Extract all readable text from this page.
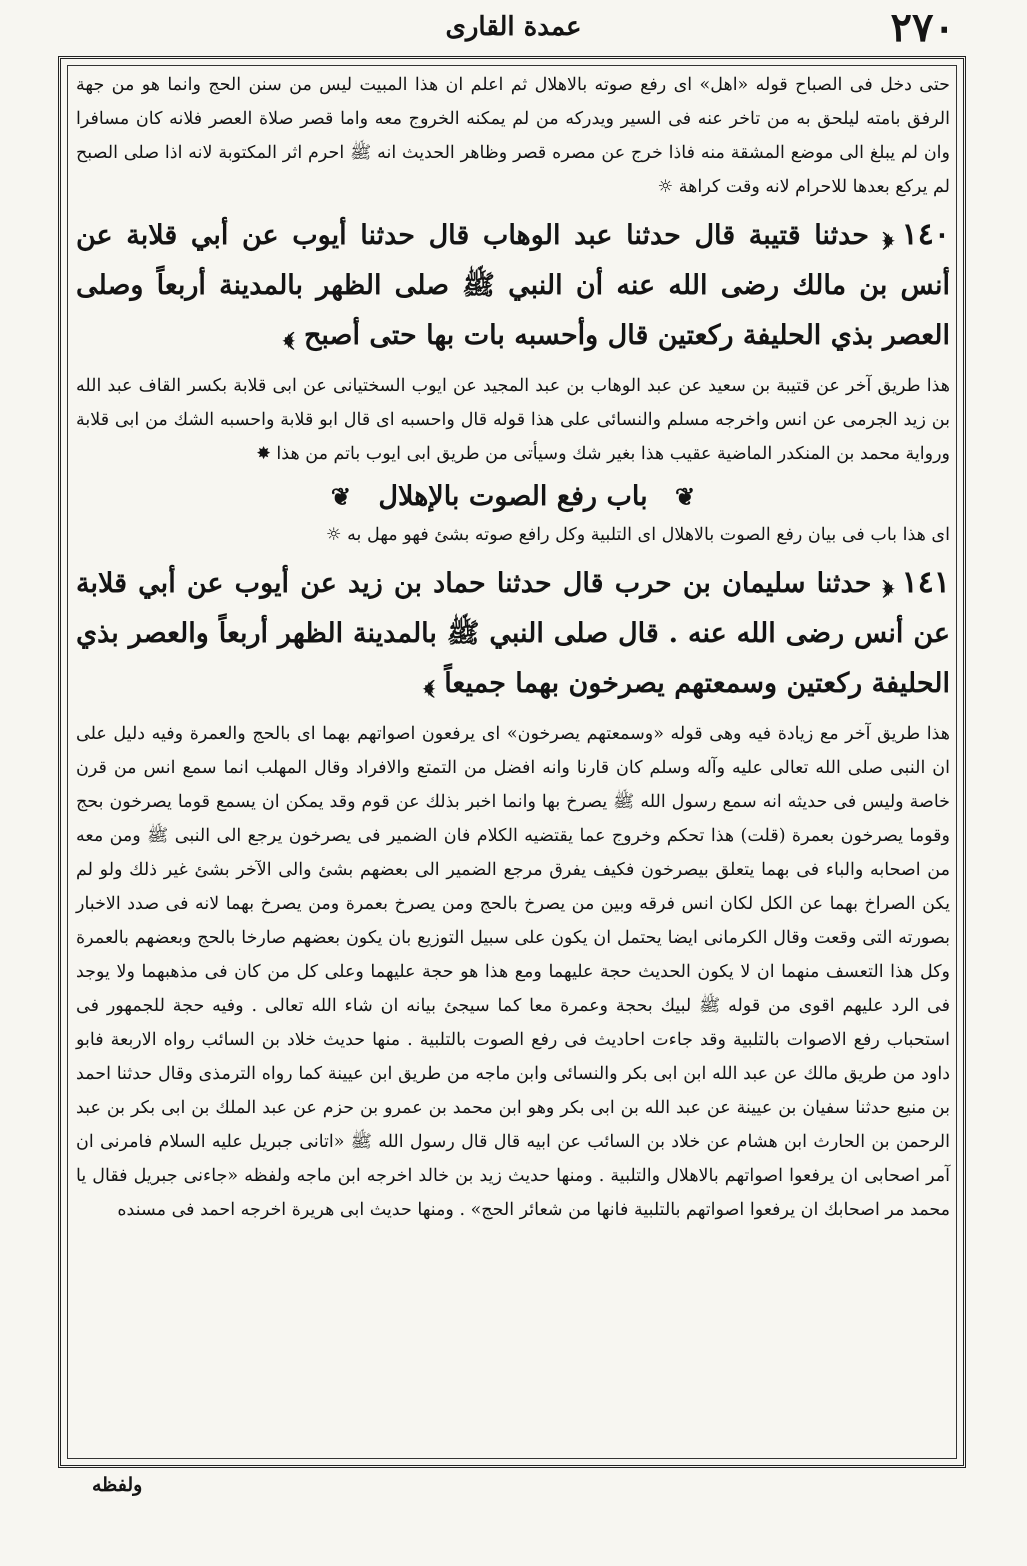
٢٧٠
عمدة القارى

حتى دخل فى الصباح قوله «اهل» اى رفع صوته بالاهلال ثم اعلم ان هذا المبيت ليس من سنن الحج وانما هو من جهة الرفق بامته ليلحق به من تاخر عنه فى السير ويدركه من لم يمكنه الخروج معه واما قصر صلاة العصر فلانه كان مسافرا وان لم يبلغ الى موضع المشقة منه فاذا خرج عن مصره قصر وظاهر الحديث انه ﷺ احرم اثر المكتوبة لانه اذا صلى الصبح لم يركع بعدها للاحرام لانه وقت كراهة ☼

١٤٠﴿ حدثنا قتيبة قال حدثنا عبد الوهاب قال حدثنا أيوب عن أبي قلابة عن أنس بن مالك رضى الله عنه أن النبي ﷺ صلى الظهر بالمدينة أربعاً وصلى العصر بذي الحليفة ركعتين قال وأحسبه بات بها حتى أصبح ﴾

هذا طريق آخر عن قتيبة بن سعيد عن عبد الوهاب بن عبد المجيد عن ايوب السختيانى عن ابى قلابة بكسر القاف عبد الله بن زيد الجرمى عن انس واخرجه مسلم والنسائى على هذا قوله قال واحسبه اى قال ابو قلابة واحسبه الشك من ابى قلابة ورواية محمد بن المنكدر الماضية عقيب هذا بغير شك وسيأتى من طريق ابى ايوب باتم من هذا ✸

❦ باب رفع الصوت بالإهلال ❦

اى هذا باب فى بيان رفع الصوت بالاهلال اى التلبية وكل رافع صوته بشئ فهو مهل به ☼

١٤١﴿ حدثنا سليمان بن حرب قال حدثنا حماد بن زيد عن أيوب عن أبي قلابة عن أنس رضى الله عنه . قال صلى النبي ﷺ بالمدينة الظهر أربعاً والعصر بذي الحليفة ركعتين وسمعتهم يصرخون بهما جميعاً ﴾

هذا طريق آخر مع زيادة فيه وهى قوله «وسمعتهم يصرخون» اى يرفعون اصواتهم بهما اى بالحج والعمرة وفيه دليل على ان النبى صلى الله تعالى عليه وآله وسلم كان قارنا وانه افضل من التمتع والافراد وقال المهلب انما سمع انس من قرن خاصة وليس فى حديثه انه سمع رسول الله ﷺ يصرخ بها وانما اخبر بذلك عن قوم وقد يمكن ان يسمع قوما يصرخون بحج وقوما يصرخون بعمرة (قلت) هذا تحكم وخروج عما يقتضيه الكلام فان الضمير فى يصرخون يرجع الى النبى ﷺ ومن معه من اصحابه والباء فى بهما يتعلق بيصرخون فكيف يفرق مرجع الضمير الى بعضهم بشئ والى الآخر بشئ غير ذلك ولو لم يكن الصراخ بهما عن الكل لكان انس فرقه وبين من يصرخ بالحج ومن يصرخ بعمرة ومن يصرخ بهما لانه فى صدد الاخبار بصورته التى وقعت وقال الكرمانى ايضا يحتمل ان يكون على سبيل التوزيع بان يكون بعضهم صارخا بالحج وبعضهم بالعمرة وكل هذا التعسف منهما ان لا يكون الحديث حجة عليهما ومع هذا هو حجة عليهما وعلى كل من كان فى مذهبهما ولا يوجد فى الرد عليهم اقوى من قوله ﷺ لبيك بحجة وعمرة معا كما سيجئ بيانه ان شاء الله تعالى . وفيه حجة للجمهور فى استحباب رفع الاصوات بالتلبية وقد جاءت احاديث فى رفع الصوت بالتلبية . منها حديث خلاد بن السائب رواه الاربعة فابو داود من طريق مالك عن عبد الله ابن ابى بكر والنسائى وابن ماجه من طريق ابن عيينة كما رواه الترمذى وقال حدثنا احمد بن منيع حدثنا سفيان بن عيينة عن عبد الله بن ابى بكر وهو ابن محمد بن عمرو بن حزم عن عبد الملك بن ابى بكر بن عبد الرحمن بن الحارث ابن هشام عن خلاد بن السائب عن ابيه قال قال رسول الله ﷺ «اتانى جبريل عليه السلام فامرنى ان آمر اصحابى ان يرفعوا اصواتهم بالاهلال والتلبية . ومنها حديث زيد بن خالد اخرجه ابن ماجه ولفظه «جاءنى جبريل فقال يا محمد مر اصحابك ان يرفعوا اصواتهم بالتلبية فانها من شعائر الحج» . ومنها حديث ابى هريرة اخرجه احمد فى مسنده

ولفظه
